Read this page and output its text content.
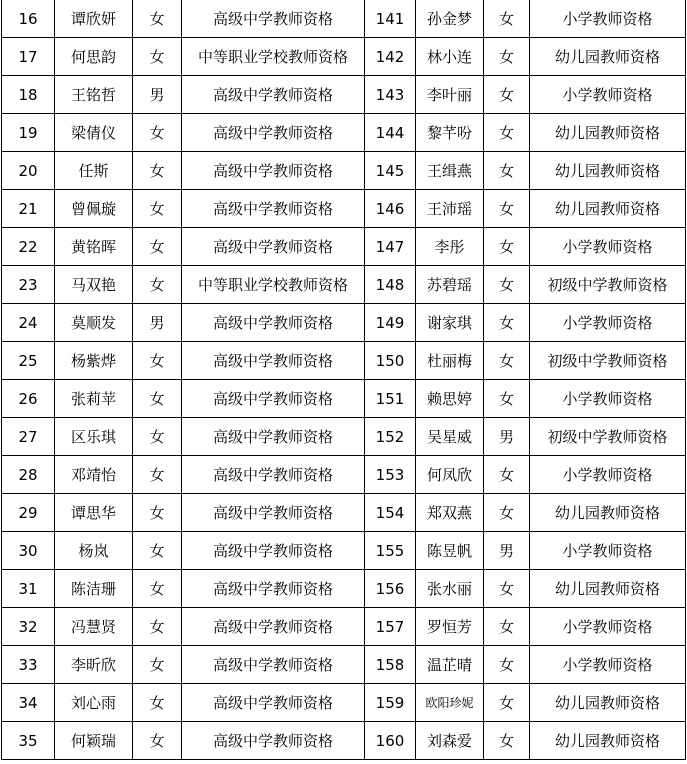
16	谭欣妍	女	高级中学教师资格	141	孙金梦	女	小学教师资格
17	何思韵	女	中等职业学校教师资格	142	林小连	女	幼儿园教师资格
18	王铭哲	男	高级中学教师资格	143	李叶丽	女	小学教师资格
19	梁倩仪	女	高级中学教师资格	144	黎芊吩	女	幼儿园教师资格
20	任斯	女	高级中学教师资格	145	王缉燕	女	幼儿园教师资格
21	曾佩璇	女	高级中学教师资格	146	王沛瑶	女	幼儿园教师资格
22	黄铭晖	女	高级中学教师资格	147	李彤	女	小学教师资格
23	马双艳	女	中等职业学校教师资格	148	苏碧瑶	女	初级中学教师资格
24	莫顺发	男	高级中学教师资格	149	谢家琪	女	小学教师资格
25	杨紫烨	女	高级中学教师资格	150	杜丽梅	女	初级中学教师资格
26	张莉苹	女	高级中学教师资格	151	赖思婷	女	小学教师资格
27	区乐琪	女	高级中学教师资格	152	吴星威	男	初级中学教师资格
28	邓靖怡	女	高级中学教师资格	153	何凤欣	女	小学教师资格
29	谭思华	女	高级中学教师资格	154	郑双燕	女	幼儿园教师资格
30	杨岚	女	高级中学教师资格	155	陈昱帆	男	小学教师资格
31	陈洁珊	女	高级中学教师资格	156	张水丽	女	幼儿园教师资格
32	冯慧贤	女	高级中学教师资格	157	罗恒芳	女	小学教师资格
33	李昕欣	女	高级中学教师资格	158	温芷晴	女	小学教师资格
34	刘心雨	女	高级中学教师资格	159	欧阳珍妮	女	幼儿园教师资格
35	何颖瑞	女	高级中学教师资格	160	刘森爱	女	幼儿园教师资格
